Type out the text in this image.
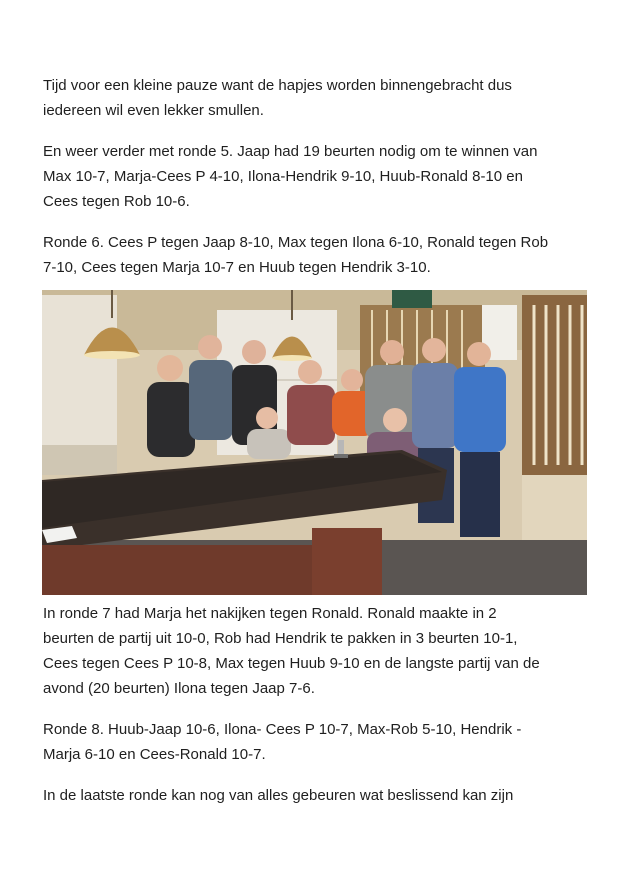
Tijd voor een kleine pauze want de hapjes worden binnengebracht dus
iedereen wil even lekker smullen.

En weer verder met ronde 5. Jaap had 19 beurten nodig om te winnen van
Max 10-7, Marja-Cees P 4-10, Ilona-Hendrik 9-10, Huub-Ronald 8-10 en
Cees tegen Rob 10-6.

Ronde 6. Cees P tegen Jaap 8-10, Max tegen Ilona 6-10, Ronald tegen Rob
7-10, Cees tegen Marja 10-7 en Huub tegen Hendrik 3-10.

In ronde 7 had Marja het nakijken tegen Ronald. Ronald maakte in 2
beurten de partij uit 10-0, Rob had Hendrik te pakken in 3 beurten 10-1,
Cees tegen Cees P 10-8, Max tegen Huub 9-10 en de langste partij van de
avond (20 beurten) Ilona tegen Jaap 7-6.

Ronde 8. Huub-Jaap 10-6, Ilona- Cees P 10-7, Max-Rob 5-10, Hendrik -
Marja 6-10 en Cees-Ronald 10-7.

In de laatste ronde kan nog van alles gebeuren wat beslissend kan zijn
